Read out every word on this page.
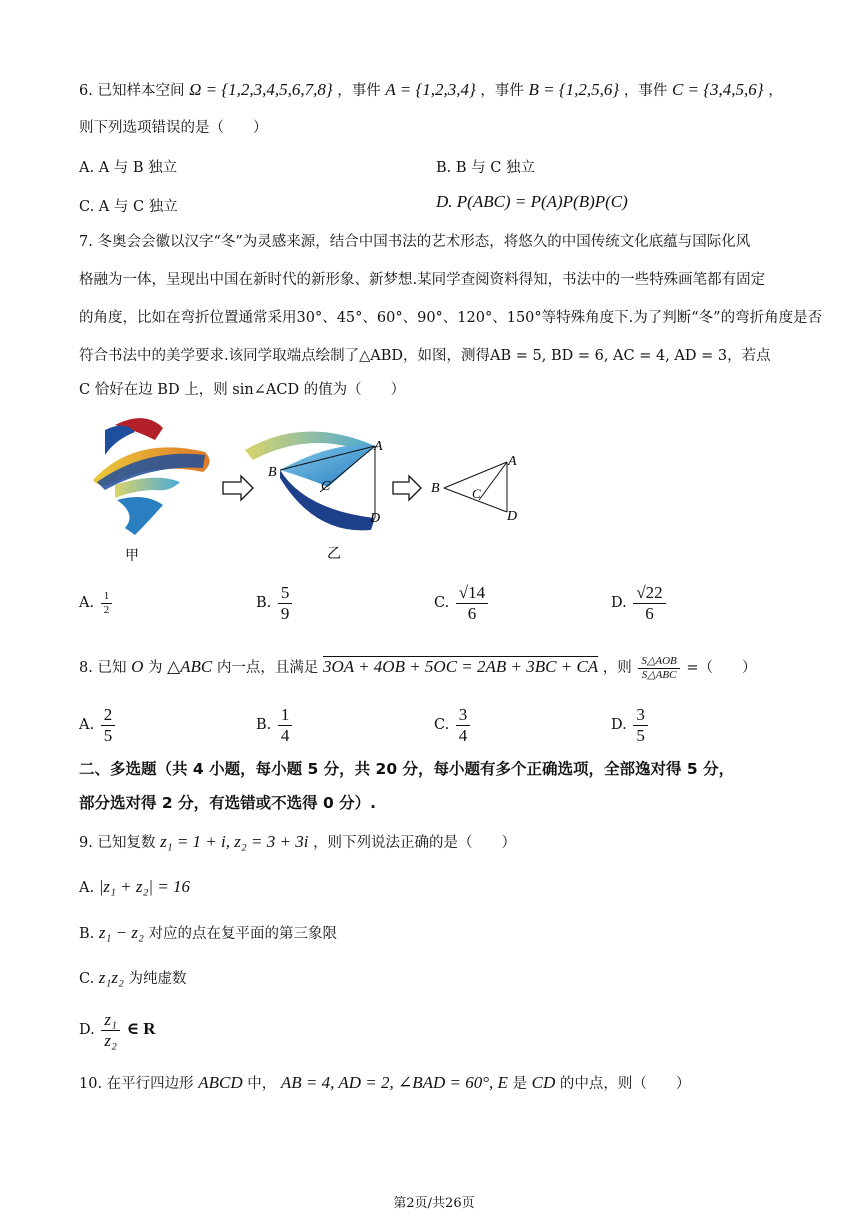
6. 已知样本空间 Ω = {1,2,3,4,5,6,7,8} ，事件 A = {1,2,3,4} ，事件 B = {1,2,5,6} ，事件 C = {3,4,5,6} ，
则下列选项错误的是（　　）
A. A 与 B 独立	B. B 与 C 独立
C. A 与 C 独立	D. P(ABC) = P(A)P(B)P(C)
7. 冬奥会会徽以汉字“冬”为灵感来源，结合中国书法的艺术形态，将悠久的中国传统文化底蕴与国际化风
格融为一体，呈现出中国在新时代的新形象、新梦想.某同学查阅资料得知，书法中的一些特殊画笔都有固定
的角度，比如在弯折位置通常采用30°、45°、60°、90°、120°、150°等特殊角度下.为了判断“冬”的弯折角度是否
符合书法中的美学要求.该同学取端点绘制了△ABD，如图，测得AB = 5, BD = 6, AC = 4, AD = 3，若点
C 恰好在边 BD 上，则 sin∠ACD 的值为（　　）
甲
A
B
C
D
乙
A
B C
D
A. $\frac{1}{2}$	B. $\frac{5}{9}$	C. $\frac{√14}{6}$	D. $\frac{√22}{6}$
8. 已知 O 为 △ABC 内一点，且满足 3OA + 4OB + 5OC = 2AB + 3BC + CA ，则 $\frac{\text{S△AOB}}{\text{S△ABC}}$ =（　　）
A. $\frac{2}{5}$	B. $\frac{1}{4}$	C. $\frac{3}{4}$	D. $\frac{3}{5}$
二、多选题（共 4 小题，每小题 5 分，共 20 分，每小题有多个正确选项，全部逸对得 5 分，
部分选对得 2 分，有选错或不选得 0 分）.
9. 已知复数 z₁ = 1 + i, z₂ = 3 + 3i ，则下列说法正确的是（　　）
A. |z₁ + z₂| = 16
B. z₁ − z₂ 对应的点在复平面的第三象限
C. z₁z₂ 为纯虚数
D. $\frac{\text{z₁}}{\text{z₂}}$ ∈ R
10. 在平行四边形 ABCD 中， AB = 4, AD = 2, ∠BAD = 60°, E 是 CD 的中点，则（　　）
第2页/共26页
